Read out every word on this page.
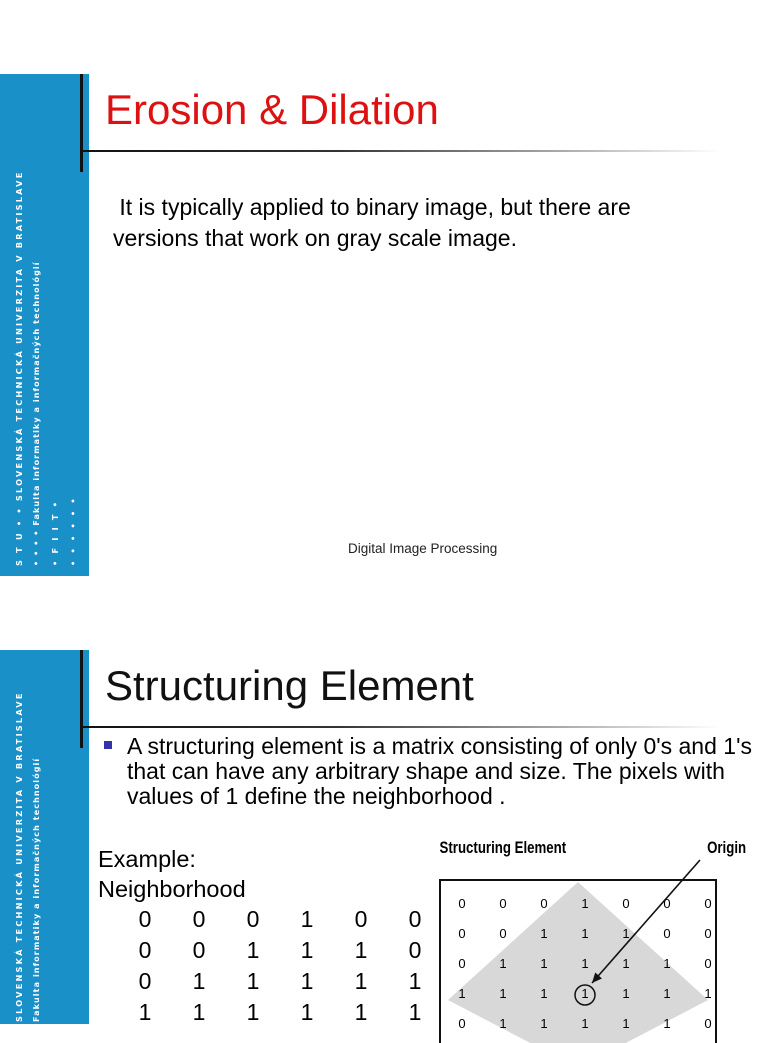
S T U • • SLOVENSKÁ TECHNICKÁ UNIVERZITA V BRATISLAVE • • • • Fakulta informatiky a informačných technológií • F I I T • • • • • • •
Erosion & Dilation
It is typically applied to binary image, but there are
versions that work on gray scale image.
Digital Image Processing
SLOVENSKÁ TECHNICKÁ UNIVERZITA V BRATISLAVE Fakulta informatiky a informačných technológií
Structuring Element
A structuring element is a matrix consisting of only 0's and 1's that can have any arbitrary shape and size. The pixels with values of 1 define the neighborhood .
Example:
Neighborhood
0	0	0	1	0	0
0	0	1	1	1	0
0	1	1	1	1	1
1	1	1	1	1	1
Structuring Element	Origin
0	0	0	1	0	0	0
0	0	1	1	1	0	0
0	1	1	1	1	1	0
1	1	1	1	1	1	1
0	1	1	1	1	1	0
